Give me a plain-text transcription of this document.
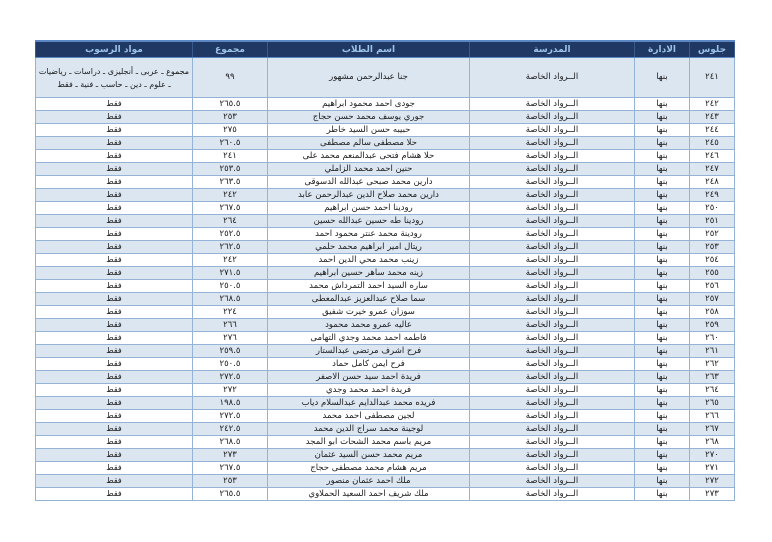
جلوس	الادارة	المدرسة	اسم الطلاب	مجموع	مواد الرسوب
٢٤١	بنها	الــرواد الخاصة	جنا عبدالرحمن مشهور	٩٩	مجموع ـ عربى ـ أنجليزى ـ دراسات ـ رياضيات ـ علوم ـ دين ـ حاسب ـ فنية ـ فقط
٢٤٢	بنها	الــرواد الخاصة	جودى احمد محمود ابراهيم	٢٦٥.٥	فقط
٢٤٣	بنها	الــرواد الخاصة	جوري يوسف محمد حسن حجاج	٢٥٣	فقط
٢٤٤	بنها	الــرواد الخاصة	حبيبه حسن السيد خاطر	٢٧٥	فقط
٢٤٥	بنها	الــرواد الخاصة	حلا مصطفى سالم مصطفى	٢٦٠.٥	فقط
٢٤٦	بنها	الــرواد الخاصة	حلا هشام فتحى عبدالمنعم محمد على	٢٤١	فقط
٢٤٧	بنها	الــرواد الخاصة	حنين احمد محمد الزاملي	٢٥٣.٥	فقط
٢٤٨	بنها	الــرواد الخاصة	دارين محمد صبحى عبدالله الدسوقى	٢٦٣.٥	فقط
٢٤٩	بنها	الــرواد الخاصة	دارين محمد صلاح الدين عبدالرحمن عابد	٢٤٢	فقط
٢٥٠	بنها	الــرواد الخاصة	رودينا احمد حسن ابراهيم	٢٦٧.٥	فقط
٢٥١	بنها	الــرواد الخاصة	رودينا طه حسين عبدالله حسين	٢٦٤	فقط
٢٥٢	بنها	الــرواد الخاصة	رودينة محمد عنتر محمود احمد	٢٥٢.٥	فقط
٢٥٣	بنها	الــرواد الخاصة	ريتال امير ابراهيم محمد حلمي	٢٦٢.٥	فقط
٢٥٤	بنها	الــرواد الخاصة	زينب محمد محي الدين احمد	٢٤٢	فقط
٢٥٥	بنها	الــرواد الخاصة	زينه محمد ساهر حسين ابراهيم	٢٧١.٥	فقط
٢٥٦	بنها	الــرواد الخاصة	ساره السيد احمد التمرداش محمد	٢٥٠.٥	فقط
٢٥٧	بنها	الــرواد الخاصة	سما صلاح عبدالعزيز عبدالمعطى	٢٦٨.٥	فقط
٢٥٨	بنها	الــرواد الخاصة	سوزان عمرو خيرت شفيق	٢٢٤	فقط
٢٥٩	بنها	الــرواد الخاصة	عاليه عمرو محمد محمود	٢٦٦	فقط
٢٦٠	بنها	الــرواد الخاصة	فاطمه احمد محمد وجدي التهامى	٢٧٦	فقط
٢٦١	بنها	الــرواد الخاصة	فرح اشرف مرتضى عبدالستار	٢٥٩.٥	فقط
٢٦٢	بنها	الــرواد الخاصة	فرح ايمن كامل حماد	٢٥٠.٥	فقط
٢٦٣	بنها	الــرواد الخاصة	فريدة احمد سيد حسن الاصفر	٢٧٢.٥	فقط
٢٦٤	بنها	الــرواد الخاصة	فريدة احمد محمد وجدي	٢٧٢	فقط
٢٦٥	بنها	الــرواد الخاصة	فريده محمد عبدالدايم عبدالسلام دياب	١٩٨.٥	فقط
٢٦٦	بنها	الــرواد الخاصة	لجين مصطفى احمد محمد	٢٧٢.٥	فقط
٢٦٧	بنها	الــرواد الخاصة	لوجينة محمد سراج الدين محمد	٢٤٢.٥	فقط
٢٦٨	بنها	الــرواد الخاصة	مريم باسم محمد الشحات ابو المجد	٢٦٨.٥	فقط
٢٧٠	بنها	الــرواد الخاصة	مريم محمد حسن السيد عثمان	٢٧٣	فقط
٢٧١	بنها	الــرواد الخاصة	مريم هشام محمد مصطفى حجاج	٢٦٧.٥	فقط
٢٧٢	بنها	الــرواد الخاصة	ملك احمد عثمان منصور	٢٥٣	فقط
٢٧٣	بنها	الــرواد الخاصة	ملك شريف احمد السعيد الحملاوي	٢٦٥.٥	فقط
